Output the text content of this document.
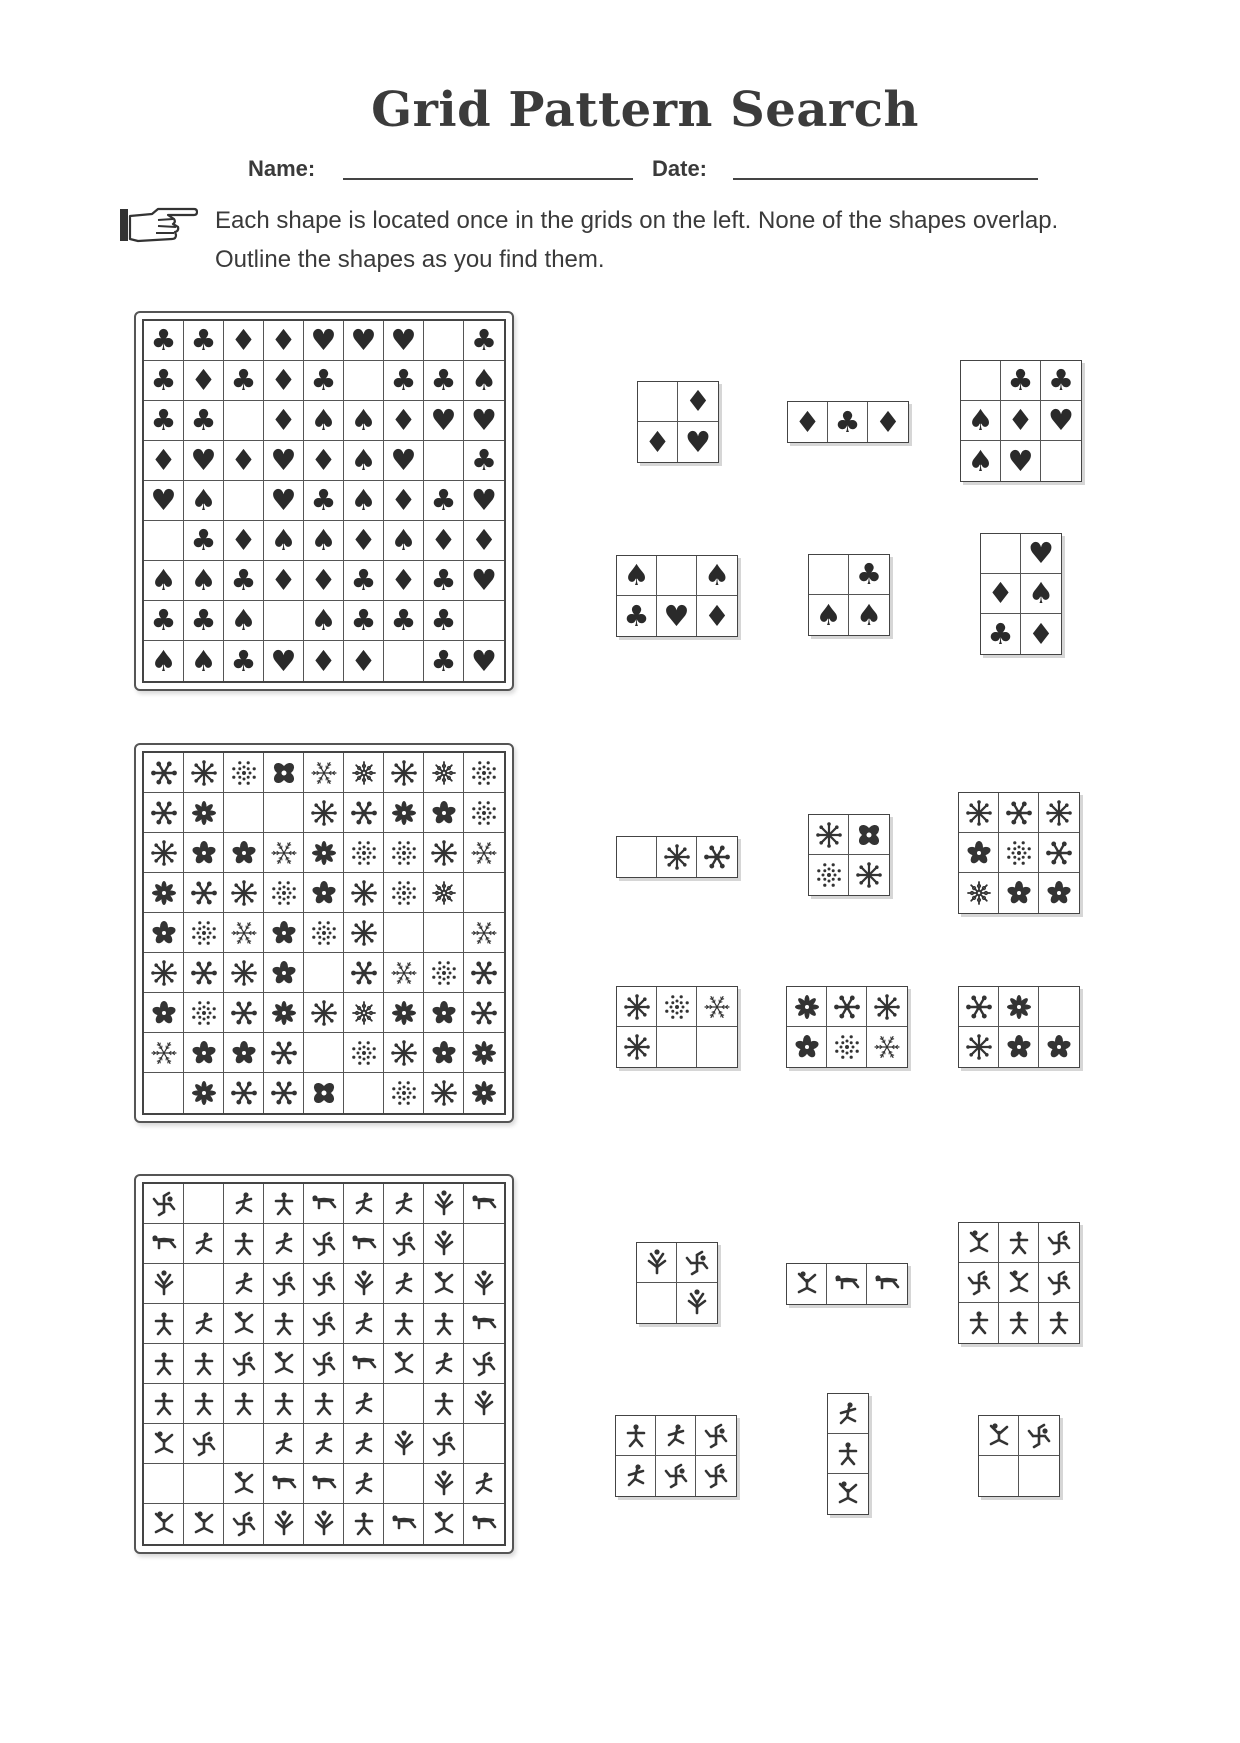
Grid Pattern Search
Name:	Date:
Each shape is located once in the grids on the left. None of the shapes overlap.
Outline the shapes as you find them.
♣ ♣ ♦ ♦ ♥ ♥ ♥ ♣
♣ ♦ ♣ ♦ ♣ ♣ ♣ ♠
♣ ♣ ♦ ♠ ♠ ♦ ♥ ♥
♦ ♥ ♦ ♥ ♦ ♠ ♥ ♣
♥ ♠ ♥ ♣ ♠ ♦ ♣ ♥
♣ ♦ ♠ ♠ ♦ ♠ ♦ ♦
♠ ♠ ♣ ♦ ♦ ♣ ♦ ♣ ♥
♣ ♣ ♠ ♠ ♣ ♣ ♣
♠ ♠ ♣ ♥ ♦ ♦ ♣ ♥
♦
♦ ♥
♦ ♣ ♦
♣ ♣
♠ ♦ ♥
♠ ♥
♠ ♠
♣ ♥ ♦
♣
♠ ♠
♥
♦ ♠
♣ ♦
